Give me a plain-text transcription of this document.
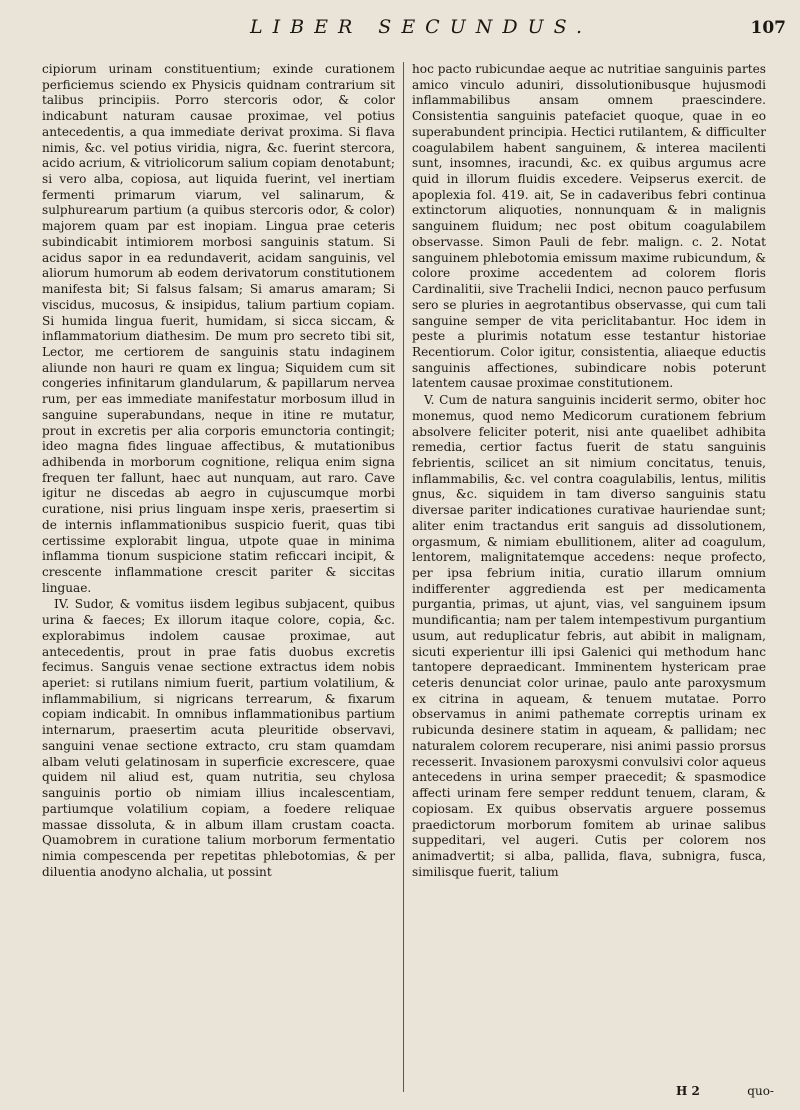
LIBER SECUNDUS.	107

cipiorum urinam constituentium; exinde curationem perficiemus sciendo ex Physicis quidnam contrarium sit talibus principiis. Porro stercoris odor, & color indicabunt naturam causae proximae, vel potius antecedentis, a qua immediate derivat proxima. Si flava nimis, &c. vel potius viridia, nigra, &c. fuerint stercora, acido acrium, & vitriolicorum salium copiam denotabunt; si vero alba, copiosa, aut liquida fuerint, vel inertiam fermenti primarum viarum, vel salinarum, & sulphurearum partium (a quibus stercoris odor, & color) majorem quam par est inopiam. Lingua prae ceteris subindicabit intimiorem morbosi sanguinis statum. Si acidus sapor in ea redundaverit, acidam sanguinis, vel aliorum humorum ab eodem derivatorum constitutionem manifesta bit; Si falsus falsam; Si amarus amaram; Si viscidus, mucosus, & insipidus, talium partium copiam. Si humida lingua fuerit, humidam, si sicca siccam, & inflammatorium diathesim. De mum pro secreto tibi sit, Lector, me certiorem de sanguinis statu indaginem aliunde non hauri re quam ex lingua; Siquidem cum sit congeries infinitarum glandularum, & papillarum nervea rum, per eas immediate manifestatur morbosum illud in sanguine superabundans, neque in itine re mutatur, prout in excretis per alia corporis emunctoria contingit; ideo magna fides linguae affectibus, & mutationibus adhibenda in morborum cognitione, reliqua enim signa frequen ter fallunt, haec aut nunquam, aut raro. Cave igitur ne discedas ab aegro in cujuscumque morbi curatione, nisi prius linguam inspe xeris, praesertim si de internis inflammationibus suspicio fuerit, quas tibi certissime explorabit lingua, utpote quae in minima inflamma tionum suspicione statim reficcari incipit, & crescente inflammatione crescit pariter & siccitas linguae.

IV. Sudor, & vomitus iisdem legibus subjacent, quibus urina & faeces; Ex illorum itaque colore, copia, &c. explorabimus indolem causae proximae, aut antecedentis, prout in prae fatis duobus excretis fecimus. Sanguis venae sectione extractus idem nobis aperiet: si rutilans nimium fuerit, partium volatilium, & inflammabilium, si nigricans terrearum, & fixarum copiam indicabit. In omnibus inflammationibus partium internarum, praesertim acuta pleuritide observavi, sanguini venae sectione extracto, cru stam quamdam albam veluti gelatinosam in superficie excrescere, quae quidem nil aliud est, quam nutritia, seu chylosa sanguinis portio ob nimiam illius incalescentiam, partiumque volatilium copiam, a foedere reliquae massae dissoluta, & in album illam crustam coacta. Quamobrem in curatione talium morborum fermentatio nimia compescenda per repetitas phlebotomias, & per diluentia anodyno alchalia, ut possint

hoc pacto rubicundae aeque ac nutritiae sanguinis partes amico vinculo aduniri, dissolutionibusque hujusmodi inflammabilibus ansam omnem praescindere. Consistentia sanguinis patefaciet quoque, quae in eo superabundent principia. Hectici rutilantem, & difficulter coagulabilem habent sanguinem, & interea macilenti sunt, insomnes, iracundi, &c. ex quibus argumus acre quid in illorum fluidis excedere. Veipserus exercit. de apoplexia fol. 419. ait, Se in cadaveribus febri continua extinctorum aliquoties, nonnunquam & in malignis sanguinem fluidum; nec post obitum coagulabilem observasse. Simon Pauli de febr. malign. c. 2. Notat sanguinem phlebotomia emissum maxime rubicundum, & colore proxime accedentem ad colorem floris Cardinalitii, sive Trachelii Indici, necnon pauco perfusum sero se pluries in aegrotantibus observasse, qui cum tali sanguine semper de vita periclitabantur. Hoc idem in peste a plurimis notatum esse testantur historiae Recentiorum. Color igitur, consistentia, aliaeque eductis sanguinis affectiones, subindicare nobis poterunt latentem causae proximae constitutionem.

V. Cum de natura sanguinis inciderit sermo, obiter hoc monemus, quod nemo Medicorum curationem febrium absolvere feliciter poterit, nisi ante quaelibet adhibita remedia, certior factus fuerit de statu sanguinis febrientis, scilicet an sit nimium concitatus, tenuis, inflammabilis, &c. vel contra coagulabilis, lentus, militis gnus, &c. siquidem in tam diverso sanguinis statu diversae pariter indicationes curativae hauriendae sunt; aliter enim tractandus erit sanguis ad dissolutionem, orgasmum, & nimiam ebullitionem, aliter ad coagulum, lentorem, malignitatemque accedens: neque profecto, per ipsa febrium initia, curatio illarum omnium indifferenter aggredienda est per medicamenta purgantia, primas, ut ajunt, vias, vel sanguinem ipsum mundificantia; nam per talem intempestivum purgantium usum, aut reduplicatur febris, aut abibit in malignam, sicuti experientur illi ipsi Galenici qui methodum hanc tantopere depraedicant. Imminentem hystericam prae ceteris denunciat color urinae, paulo ante paroxysmum ex citrina in aqueam, & tenuem mutatae. Porro observamus in animi pathemate correptis urinam ex rubicunda desinere statim in aqueam, & pallidam; nec naturalem colorem recuperare, nisi animi passio prorsus recesserit. Invasionem paroxysmi convulsivi color aqueus antecedens in urina semper praecedit; & spasmodice affecti urinam fere semper reddunt tenuem, claram, & copiosam. Ex quibus observatis arguere possemus praedictorum morborum fomitem ab urinae salibus suppeditari, vel augeri. Cutis per colorem nos animadvertit; si alba, pallida, flava, subnigra, fusca, similisque fuerit, talium

H 2	quo-
